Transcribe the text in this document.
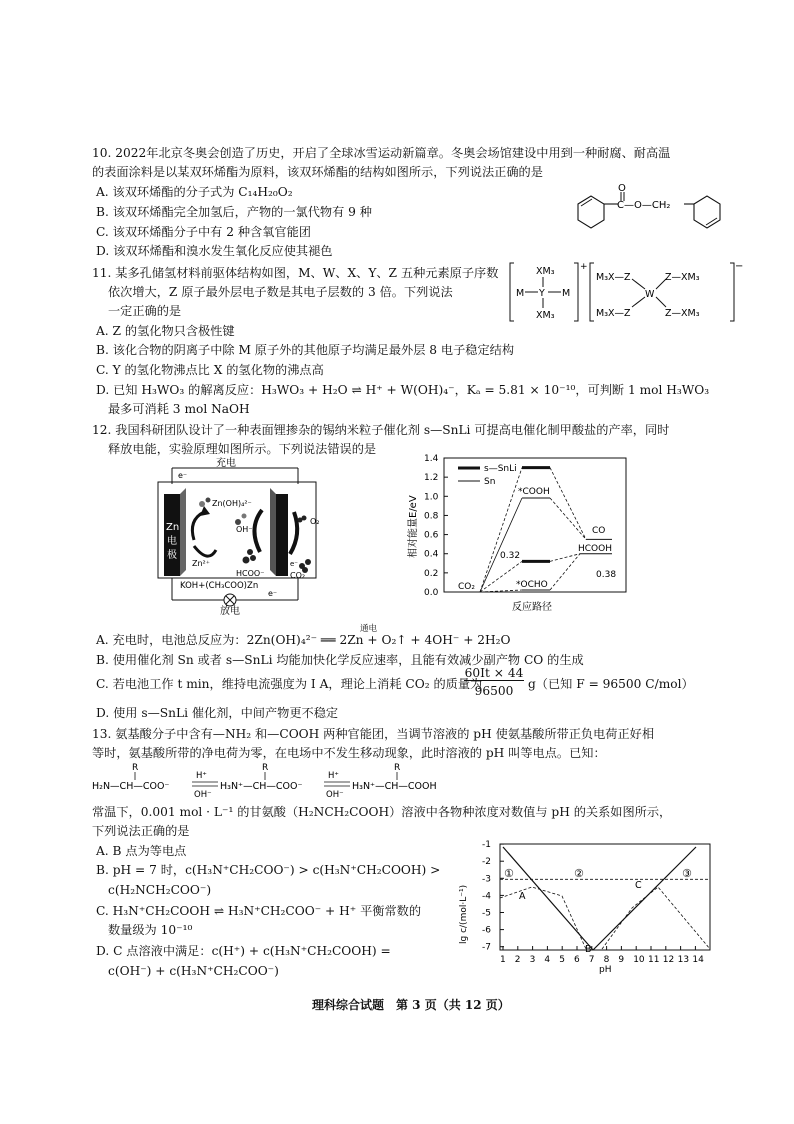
10. 2022年北京冬奥会创造了历史，开启了全球冰雪运动新篇章。冬奥会场馆建设中用到一种耐腐、耐高温
的表面涂料是以某双环烯酯为原料，该双环烯酯的结构如图所示，下列说法正确的是
A. 该双环烯酯的分子式为 C₁₄H₂₀O₂
B. 该双环烯酯完全加氢后，产物的一氯代物有 9 种
C. 该双环烯酯分子中有 2 种含氧官能团
D. 该双环烯酯和溴水发生氧化反应使其褪色
O
C—O—CH₂
11. 某多孔储氢材料前驱体结构如图，M、W、X、Y、Z 五种元素原子序数
依次增大，Z 原子最外层电子数是其电子层数的 3 倍。下列说法
一定正确的是
A. Z 的氢化物只含极性键
B. 该化合物的阴离子中除 M 原子外的其他原子均满足最外层 8 电子稳定结构
C. Y 的氢化物沸点比 X 的氢化物的沸点高
D. 已知 H₃WO₃ 的解离反应：H₃WO₃ + H₂O ⇌ H⁺ + W(OH)₄⁻，Kₐ = 5.81 × 10⁻¹⁰，可判断 1 mol H₃WO₃
最多可消耗 3 mol NaOH
+
XM₃
M Y M
XM₃
−
M₃X—Z
M₃X—Z
W
Z—XM₃
Z—XM₃
12. 我国科研团队设计了一种表面锂掺杂的锡纳米粒子催化剂 s—SnLi 可提高电催化制甲酸盐的产率，同时
释放电能，实验原理如图所示。下列说法错误的是
充电
e⁻
Zn
电
极
Zn(OH)₄²⁻
OH⁻
O₂
Zn²⁺
HCOO⁻	CO₂
KOH+(CH₃COO)Zn
e⁻
e⁻
放电
相对能量E/eV
0.0
0.2
0.4
0.6
0.8
1.0
1.2
1.4
s—SnLi
Sn
CO₂
*COOH
0.32
*OCHO
CO
HCOOH
0.38
反应路径
A. 充电时，电池总反应为：2Zn(OH)₄²⁻ ══ 2Zn + O₂↑ + 4OH⁻ + 2H₂O
通电
B. 使用催化剂 Sn 或者 s—SnLi 均能加快化学反应速率，且能有效减少副产物 CO 的生成
C. 若电池工作 t min，维持电流强度为 I A，理论上消耗 CO₂ 的质量为
60It × 44
96500	g（已知 F = 96500 C/mol）
D. 使用 s—SnLi 催化剂，中间产物更不稳定
13. 氨基酸分子中含有—NH₂ 和—COOH 两种官能团，当调节溶液的 pH 使氨基酸所带正负电荷正好相
等时，氨基酸所带的净电荷为零，在电场中不发生移动现象，此时溶液的 pH 叫等电点。已知：
R
H₂N—CH—COO⁻
H⁺
OH⁻
R
H₃N⁺—CH—COO⁻
H⁺
OH⁻
R
H₃N⁺—CH—COOH
常温下，0.001 mol · L⁻¹ 的甘氨酸（H₂NCH₂COOH）溶液中各物种浓度对数值与 pH 的关系如图所示，
下列说法正确的是
A. B 点为等电点
B. pH = 7 时，c(H₃N⁺CH₂COO⁻) > c(H₃N⁺CH₂COOH) >
c(H₂NCH₂COO⁻)
C. H₃N⁺CH₂COOH ⇌ H₃N⁺CH₂COO⁻ + H⁺ 平衡常数的
数量级为 10⁻¹⁰
D. C 点溶液中满足：c(H⁺) + c(H₃N⁺CH₂COOH) =
c(OH⁻) + c(H₃N⁺CH₂COO⁻)
lg c/(mol·L⁻¹)
-1
-2
-3
-4
-5
-6
-7
1 2 3 4 5 6 7 8 9 10 11 12 13 14
①	②	③
A
B
C
pH
理科综合试题　第 3 页（共 12 页）
